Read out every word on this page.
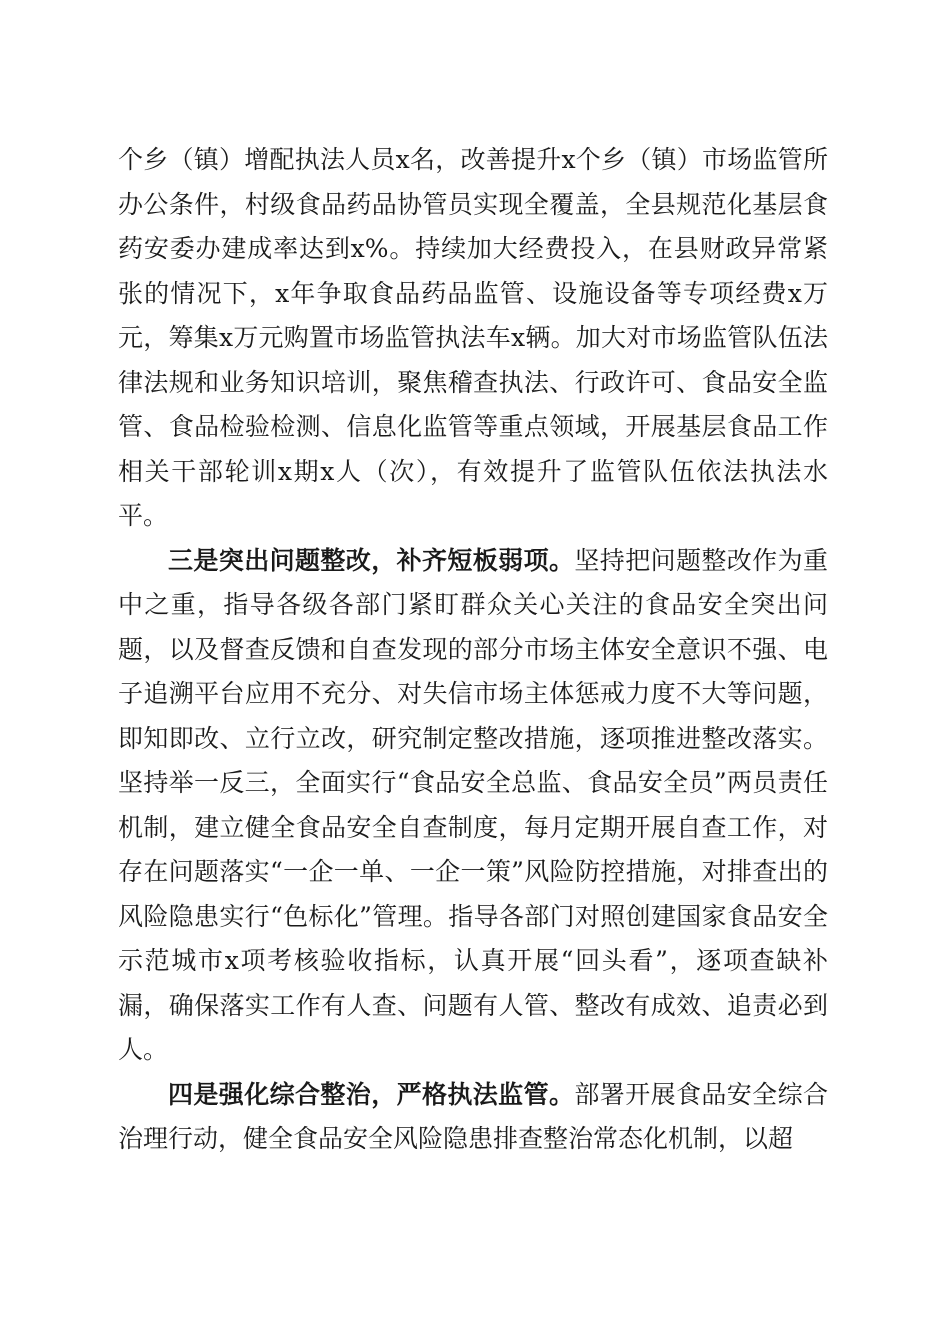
个乡（镇）增配执法人员x名，改善提升x个乡（镇）市场监管所办公条件，村级食品药品协管员实现全覆盖，全县规范化基层食药安委办建成率达到x%。持续加大经费投入，在县财政异常紧张的情况下，x年争取食品药品监管、设施设备等专项经费x万元，筹集x万元购置市场监管执法车x辆。加大对市场监管队伍法律法规和业务知识培训，聚焦稽查执法、行政许可、食品安全监管、食品检验检测、信息化监管等重点领域，开展基层食品工作相关干部轮训x期x人（次），有效提升了监管队伍依法执法水平。

三是突出问题整改，补齐短板弱项。坚持把问题整改作为重中之重，指导各级各部门紧盯群众关心关注的食品安全突出问题，以及督查反馈和自查发现的部分市场主体安全意识不强、电子追溯平台应用不充分、对失信市场主体惩戒力度不大等问题，即知即改、立行立改，研究制定整改措施，逐项推进整改落实。坚持举一反三，全面实行“食品安全总监、食品安全员”两员责任机制，建立健全食品安全自查制度，每月定期开展自查工作，对存在问题落实“一企一单、一企一策”风险防控措施，对排查出的风险隐患实行“色标化”管理。指导各部门对照创建国家食品安全示范城市x项考核验收指标，认真开展“回头看”，逐项查缺补漏，确保落实工作有人查、问题有人管、整改有成效、追责必到人。

四是强化综合整治，严格执法监管。部署开展食品安全综合治理行动，健全食品安全风险隐患排查整治常态化机制，以超
